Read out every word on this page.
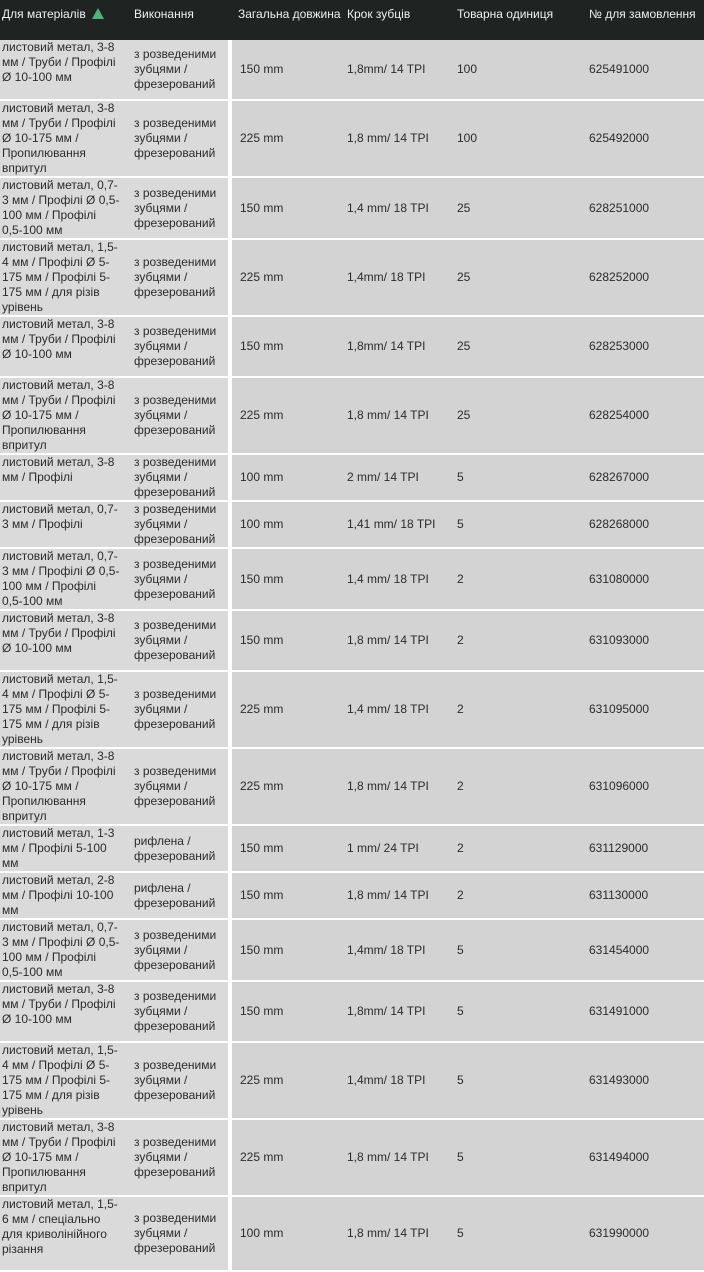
Для матеріалів	Виконання	Загальна довжина	Крок зубців	Товарна одиниця	№ для замовлення
листовий метал, 3-8 мм / Труби / Профілі Ø 10-100 мм	з розведеними зубцями / фрезерований	150 mm	1,8mm/ 14 TPI	100	625491000
листовий метал, 3-8 мм / Труби / Профілі Ø 10-175 мм / Пропилювання впритул	з розведеними зубцями / фрезерований	225 mm	1,8 mm/ 14 TPI	100	625492000
листовий метал, 0,7-3 мм / Профілі Ø 0,5-100 мм / Профілі 0,5-100 мм	з розведеними зубцями / фрезерований	150 mm	1,4 mm/ 18 TPI	25	628251000
листовий метал, 1,5-4 мм / Профілі Ø 5-175 мм / Профілі 5-175 мм / для різів урівень	з розведеними зубцями / фрезерований	225 mm	1,4mm/ 18 TPI	25	628252000
листовий метал, 3-8 мм / Труби / Профілі Ø 10-100 мм	з розведеними зубцями / фрезерований	150 mm	1,8mm/ 14 TPI	25	628253000
листовий метал, 3-8 мм / Труби / Профілі Ø 10-175 мм / Пропилювання впритул	з розведеними зубцями / фрезерований	225 mm	1,8 mm/ 14 TPI	25	628254000
листовий метал, 3-8 мм / Профілі	з розведеними зубцями / фрезерований	100 mm	2 mm/ 14 TPI	5	628267000
листовий метал, 0,7-3 мм / Профілі	з розведеними зубцями / фрезерований	100 mm	1,41 mm/ 18 TPI	5	628268000
листовий метал, 0,7-3 мм / Профілі Ø 0,5-100 мм / Профілі 0,5-100 мм	з розведеними зубцями / фрезерований	150 mm	1,4 mm/ 18 TPI	2	631080000
листовий метал, 3-8 мм / Труби / Профілі Ø 10-100 мм	з розведеними зубцями / фрезерований	150 mm	1,8 mm/ 14 TPI	2	631093000
листовий метал, 1,5-4 мм / Профілі Ø 5-175 мм / Профілі 5-175 мм / для різів урівень	з розведеними зубцями / фрезерований	225 mm	1,4 mm/ 18 TPI	2	631095000
листовий метал, 3-8 мм / Труби / Профілі Ø 10-175 мм / Пропилювання впритул	з розведеними зубцями / фрезерований	225 mm	1,8 mm/ 14 TPI	2	631096000
листовий метал, 1-3 мм / Профілі 5-100 мм	рифлена / фрезерований	150 mm	1 mm/ 24 TPI	2	631129000
листовий метал, 2-8 мм / Профілі 10-100 мм	рифлена / фрезерований	150 mm	1,8 mm/ 14 TPI	2	631130000
листовий метал, 0,7-3 мм / Профілі Ø 0,5-100 мм / Профілі 0,5-100 мм	з розведеними зубцями / фрезерований	150 mm	1,4mm/ 18 TPI	5	631454000
листовий метал, 3-8 мм / Труби / Профілі Ø 10-100 мм	з розведеними зубцями / фрезерований	150 mm	1,8mm/ 14 TPI	5	631491000
листовий метал, 1,5-4 мм / Профілі Ø 5-175 мм / Профілі 5-175 мм / для різів урівень	з розведеними зубцями / фрезерований	225 mm	1,4mm/ 18 TPI	5	631493000
листовий метал, 3-8 мм / Труби / Профілі Ø 10-175 мм / Пропилювання впритул	з розведеними зубцями / фрезерований	225 mm	1,8 mm/ 14 TPI	5	631494000
листовий метал, 1,5-6 мм / спеціально для криволінійного різання	з розведеними зубцями / фрезерований	100 mm	1,8 mm/ 14 TPI	5	631990000
